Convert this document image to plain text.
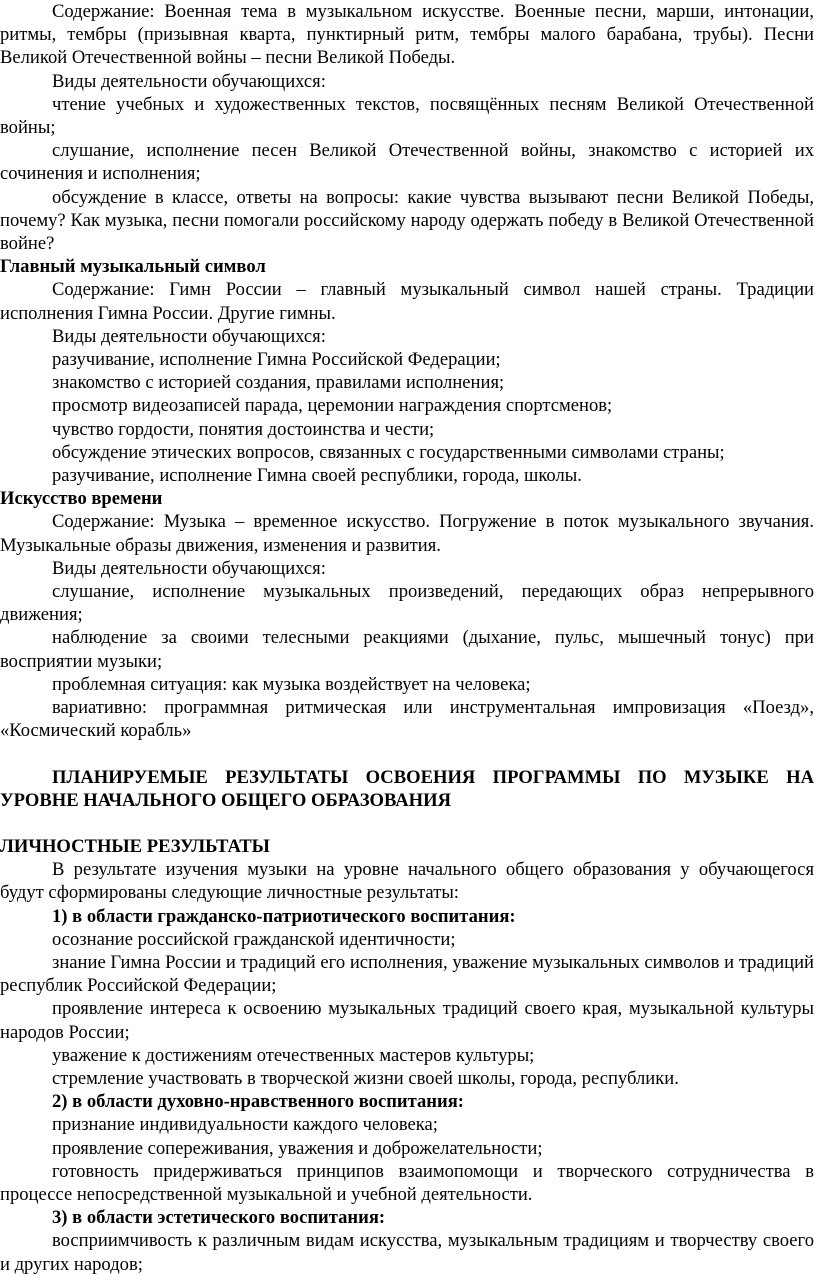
Содержание: Военная тема в музыкальном искусстве. Военные песни, марши, интонации, ритмы, тембры (призывная кварта, пунктирный ритм, тембры малого барабана, трубы). Песни Великой Отечественной войны – песни Великой Победы.

Виды деятельности обучающихся:

чтение учебных и художественных текстов, посвящённых песням Великой Отечественной войны;

слушание, исполнение песен Великой Отечественной войны, знакомство с историей их сочинения и исполнения;

обсуждение в классе, ответы на вопросы: какие чувства вызывают песни Великой Победы, почему? Как музыка, песни помогали российскому народу одержать победу в Великой Отечественной войне?

Главный музыкальный символ

Содержание: Гимн России – главный музыкальный символ нашей страны. Традиции исполнения Гимна России. Другие гимны.

Виды деятельности обучающихся:

разучивание, исполнение Гимна Российской Федерации;

знакомство с историей создания, правилами исполнения;

просмотр видеозаписей парада, церемонии награждения спортсменов;

чувство гордости, понятия достоинства и чести;

обсуждение этических вопросов, связанных с государственными символами страны;

разучивание, исполнение Гимна своей республики, города, школы.

Искусство времени

Содержание: Музыка – временное искусство. Погружение в поток музыкального звучания. Музыкальные образы движения, изменения и развития.

Виды деятельности обучающихся:

слушание, исполнение музыкальных произведений, передающих образ непрерывного движения;

наблюдение за своими телесными реакциями (дыхание, пульс, мышечный тонус) при восприятии музыки;

проблемная ситуация: как музыка воздействует на человека;

вариативно: программная ритмическая или инструментальная импровизация «Поезд», «Космический корабль»

ПЛАНИРУЕМЫЕ РЕЗУЛЬТАТЫ ОСВОЕНИЯ ПРОГРАММЫ ПО МУЗЫКЕ НА УРОВНЕ НАЧАЛЬНОГО ОБЩЕГО ОБРАЗОВАНИЯ

ЛИЧНОСТНЫЕ РЕЗУЛЬТАТЫ

В результате изучения музыки на уровне начального общего образования у обучающегося будут сформированы следующие личностные результаты:

1) в области гражданско-патриотического воспитания:

осознание российской гражданской идентичности;

знание Гимна России и традиций его исполнения, уважение музыкальных символов и традиций республик Российской Федерации;

проявление интереса к освоению музыкальных традиций своего края, музыкальной культуры народов России;

уважение к достижениям отечественных мастеров культуры;

стремление участвовать в творческой жизни своей школы, города, республики.

2) в области духовно-нравственного воспитания:

признание индивидуальности каждого человека;

проявление сопереживания, уважения и доброжелательности;

готовность придерживаться принципов взаимопомощи и творческого сотрудничества в процессе непосредственной музыкальной и учебной деятельности.

3) в области эстетического воспитания:

восприимчивость к различным видам искусства, музыкальным традициям и творчеству своего и других народов;
